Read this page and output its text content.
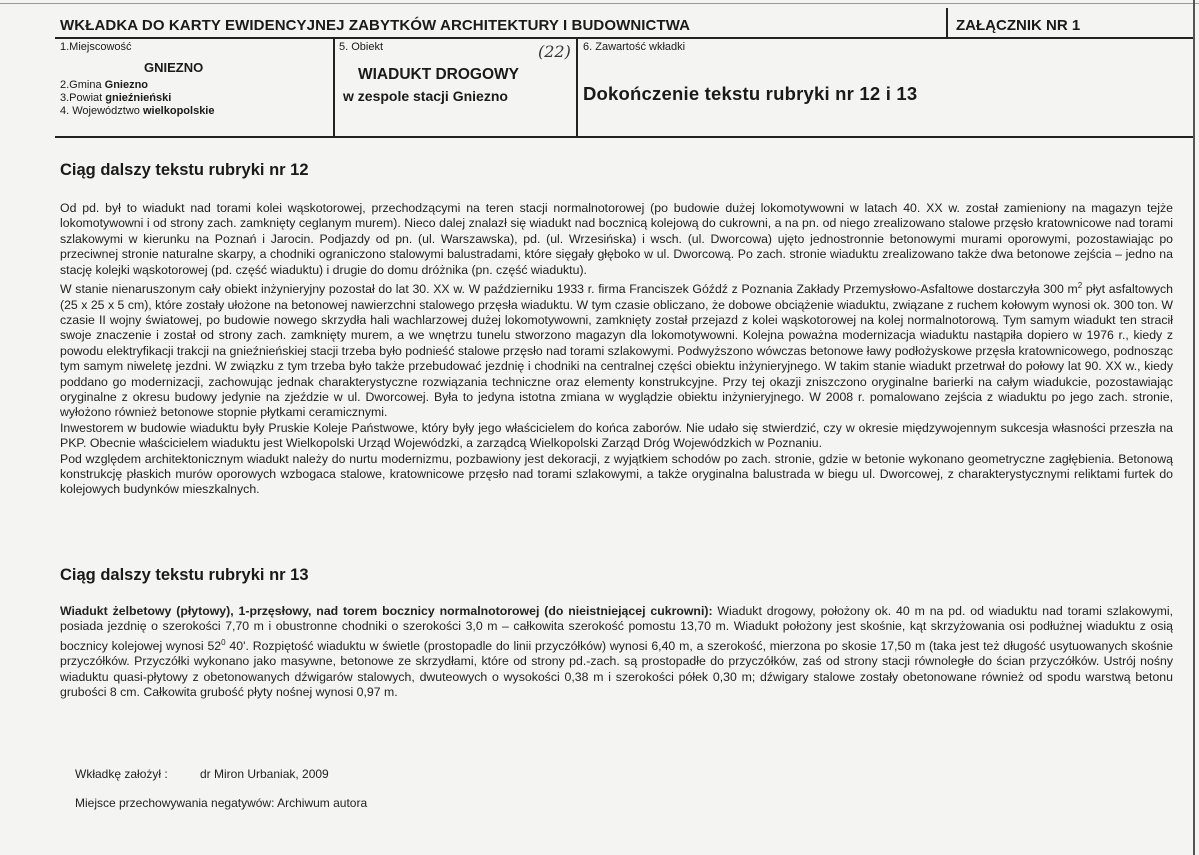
WKŁADKA DO KARTY EWIDENCYJNEJ ZABYTKÓW ARCHITEKTURY I BUDOWNICTWA	ZAŁĄCZNIK NR 1
1.Miejscowość
GNIEZNO
2.Gmina Gniezno
3.Powiat gnieźnieński
4. Województwo wielkopolskie
5. Obiekt	(22)
WIADUKT DROGOWY
w zespole stacji Gniezno
6. Zawartość wkładki
Dokończenie tekstu rubryki nr 12 i 13
Ciąg dalszy tekstu rubryki nr 12

Od pd. był to wiadukt nad torami kolei wąskotorowej, przechodzącymi na teren stacji normalnotorowej (po budowie dużej lokomotywowni w latach 40. XX w. został zamieniony na magazyn tejże lokomotywowni i od strony zach. zamknięty ceglanym murem). Nieco dalej znalazł się wiadukt nad bocznicą kolejową do cukrowni, a na pn. od niego zrealizowano stalowe przęsło kratownicowe nad torami szlakowymi w kierunku na Poznań i Jarocin. Podjazdy od pn. (ul. Warszawska), pd. (ul. Wrzesińska) i wsch. (ul. Dworcowa) ujęto jednostronnie betonowymi murami oporowymi, pozostawiając po przeciwnej stronie naturalne skarpy, a chodniki ograniczono stalowymi balustradami, które sięgały głęboko w ul. Dworcową. Po zach. stronie wiaduktu zrealizowano także dwa betonowe zejścia – jedno na stację kolejki wąskotorowej (pd. część wiaduktu) i drugie do domu dróżnika (pn. część wiaduktu).

W stanie nienaruszonym cały obiekt inżynieryjny pozostał do lat 30. XX w. W październiku 1933 r. firma Franciszek Góźdź z Poznania Zakłady Przemysłowo-Asfaltowe dostarczyła 300 $m^2$ płyt asfaltowych (25 x 25 x 5 cm), które zostały ułożone na betonowej nawierzchni stalowego przęsła wiaduktu. W tym czasie obliczano, że dobowe obciążenie wiaduktu, związane z ruchem kołowym wynosi ok. 300 ton. W czasie II wojny światowej, po budowie nowego skrzydła hali wachlarzowej dużej lokomotywowni, zamknięty został przejazd z kolei wąskotorowej na kolej normalnotorową. Tym samym wiadukt ten stracił swoje znaczenie i został od strony zach. zamknięty murem, a we wnętrzu tunelu stworzono magazyn dla lokomotywowni. Kolejna poważna modernizacja wiaduktu nastąpiła dopiero w 1976 r., kiedy z powodu elektryfikacji trakcji na gnieźnieńskiej stacji trzeba było podnieść stalowe przęsło nad torami szlakowymi. Podwyższono wówczas betonowe ławy podłożyskowe przęsła kratownicowego, podnosząc tym samym niweletę jezdni. W związku z tym trzeba było także przebudować jezdnię i chodniki na centralnej części obiektu inżynieryjnego. W takim stanie wiadukt przetrwał do połowy lat 90. XX w., kiedy poddano go modernizacji, zachowując jednak charakterystyczne rozwiązania techniczne oraz elementy konstrukcyjne. Przy tej okazji zniszczono oryginalne barierki na całym wiadukcie, pozostawiając oryginalne z okresu budowy jedynie na zjeździe w ul. Dworcowej. Była to jedyna istotna zmiana w wyglądzie obiektu inżynieryjnego. W 2008 r. pomalowano zejścia z wiaduktu po jego zach. stronie, wyłożono również betonowe stopnie płytkami ceramicznymi.

Inwestorem w budowie wiaduktu były Pruskie Koleje Państwowe, który były jego właścicielem do końca zaborów. Nie udało się stwierdzić, czy w okresie międzywojennym sukcesja własności przeszła na PKP. Obecnie właścicielem wiaduktu jest Wielkopolski Urząd Wojewódzki, a zarządcą Wielkopolski Zarząd Dróg Wojewódzkich w Poznaniu.

Pod względem architektonicznym wiadukt należy do nurtu modernizmu, pozbawiony jest dekoracji, z wyjątkiem schodów po zach. stronie, gdzie w betonie wykonano geometryczne zagłębienia. Betonową konstrukcję płaskich murów oporowych wzbogaca stalowe, kratownicowe przęsło nad torami szlakowymi, a także oryginalna balustrada w biegu ul. Dworcowej, z charakterystycznymi reliktami furtek do kolejowych budynków mieszkalnych.

Ciąg dalszy tekstu rubryki nr 13

Wiadukt żelbetowy (płytowy), 1-przęsłowy, nad torem bocznicy normalnotorowej (do nieistniejącej cukrowni): Wiadukt drogowy, położony ok. 40 m na pd. od wiaduktu nad torami szlakowymi, posiada jezdnię o szerokości 7,70 m i obustronne chodniki o szerokości 3,0 m – całkowita szerokość pomostu 13,70 m. Wiadukt położony jest skośnie, kąt skrzyżowania osi podłużnej wiaduktu z osią bocznicy kolejowej wynosi $52^0$ 40'. Rozpiętość wiaduktu w świetle (prostopadle do linii przyczółków) wynosi 6,40 m, a szerokość, mierzona po skosie 17,50 m (taka jest też długość usytuowanych skośnie przyczółków. Przyczółki wykonano jako masywne, betonowe ze skrzydłami, które od strony pd.-zach. są prostopadłe do przyczółków, zaś od strony stacji równoległe do ścian przyczółków. Ustrój nośny wiaduktu quasi-płytowy z obetonowanych dźwigarów stalowych, dwuteowych o wysokości 0,38 m i szerokości półek 0,30 m; dźwigary stalowe zostały obetonowane również od spodu warstwą betonu grubości 8 cm. Całkowita grubość płyty nośnej wynosi 0,97 m.

Wkładkę założył :	dr Miron Urbaniak, 2009
Miejsce przechowywania negatywów: Archiwum autora
